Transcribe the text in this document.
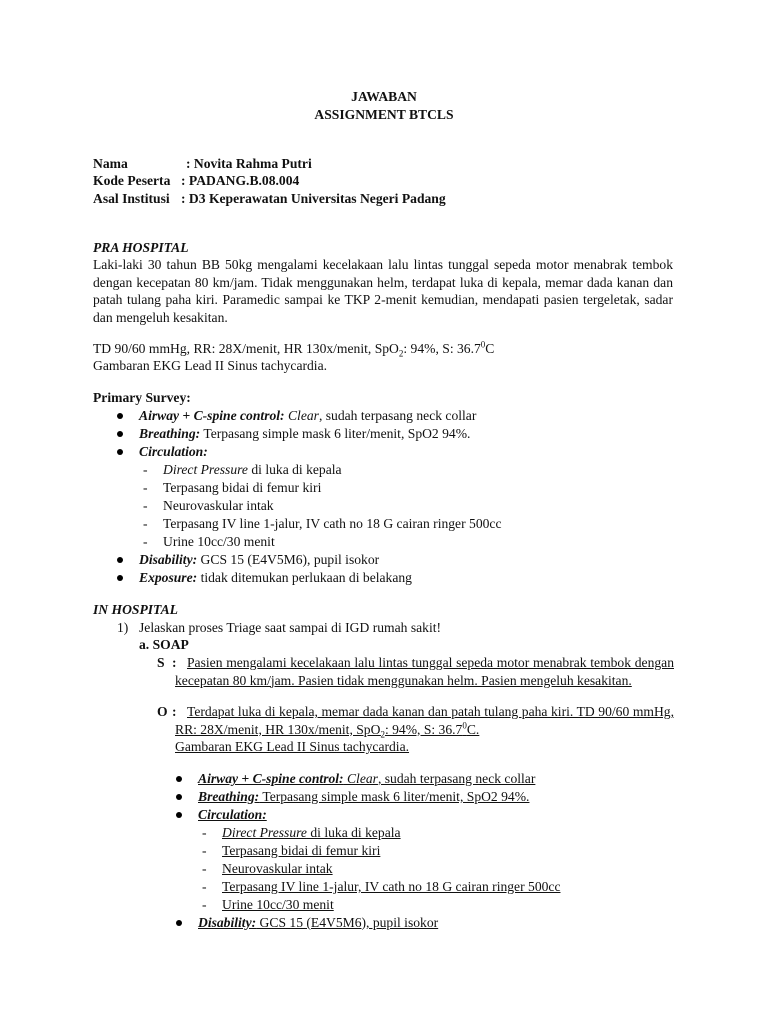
JAWABAN
ASSIGNMENT BTCLS
Nama	: Novita Rahma Putri
Kode Peserta : PADANG.B.08.004
Asal Institusi : D3 Keperawatan Universitas Negeri Padang
PRA HOSPITAL
Laki-laki 30 tahun BB 50kg mengalami kecelakaan lalu lintas tunggal sepeda motor menabrak tembok dengan kecepatan 80 km/jam. Tidak menggunakan helm, terdapat luka di kepala, memar dada kanan dan patah tulang paha kiri. Paramedic sampai ke TKP 2-menit kemudian, mendapati pasien tergeletak, sadar dan mengeluh kesakitan.
TD 90/60 mmHg, RR: 28X/menit, HR 130x/menit, SpO$_2$: 94%, S: 36.7$^0$C
Gambaran EKG Lead II Sinus tachycardia.
Primary Survey:
Airway + C-spine control: Clear, sudah terpasang neck collar
Breathing: Terpasang simple mask 6 liter/menit, SpO2 94%.
Circulation:
- Direct Pressure di luka di kepala
- Terpasang bidai di femur kiri
- Neurovaskular intak
- Terpasang IV line 1-jalur, IV cath no 18 G cairan ringer 500cc
- Urine 10cc/30 menit
Disability: GCS 15 (E4V5M6), pupil isokor
Exposure: tidak ditemukan perlukaan di belakang
IN HOSPITAL
1) Jelaskan proses Triage saat sampai di IGD rumah sakit!
a. SOAP
S : Pasien mengalami kecelakaan lalu lintas tunggal sepeda motor menabrak tembok dengan kecepatan 80 km/jam. Pasien tidak menggunakan helm. Pasien mengeluh kesakitan.
O : Terdapat luka di kepala, memar dada kanan dan patah tulang paha kiri. TD 90/60 mmHg, RR: 28X/menit, HR 130x/menit, SpO$_2$: 94%, S: 36.7$^0$C.
Gambaran EKG Lead II Sinus tachycardia.
Airway + C-spine control: Clear, sudah terpasang neck collar
Breathing: Terpasang simple mask 6 liter/menit, SpO2 94%.
Circulation:
- Direct Pressure di luka di kepala
- Terpasang bidai di femur kiri
- Neurovaskular intak
- Terpasang IV line 1-jalur, IV cath no 18 G cairan ringer 500cc
- Urine 10cc/30 menit
Disability: GCS 15 (E4V5M6), pupil isokor
